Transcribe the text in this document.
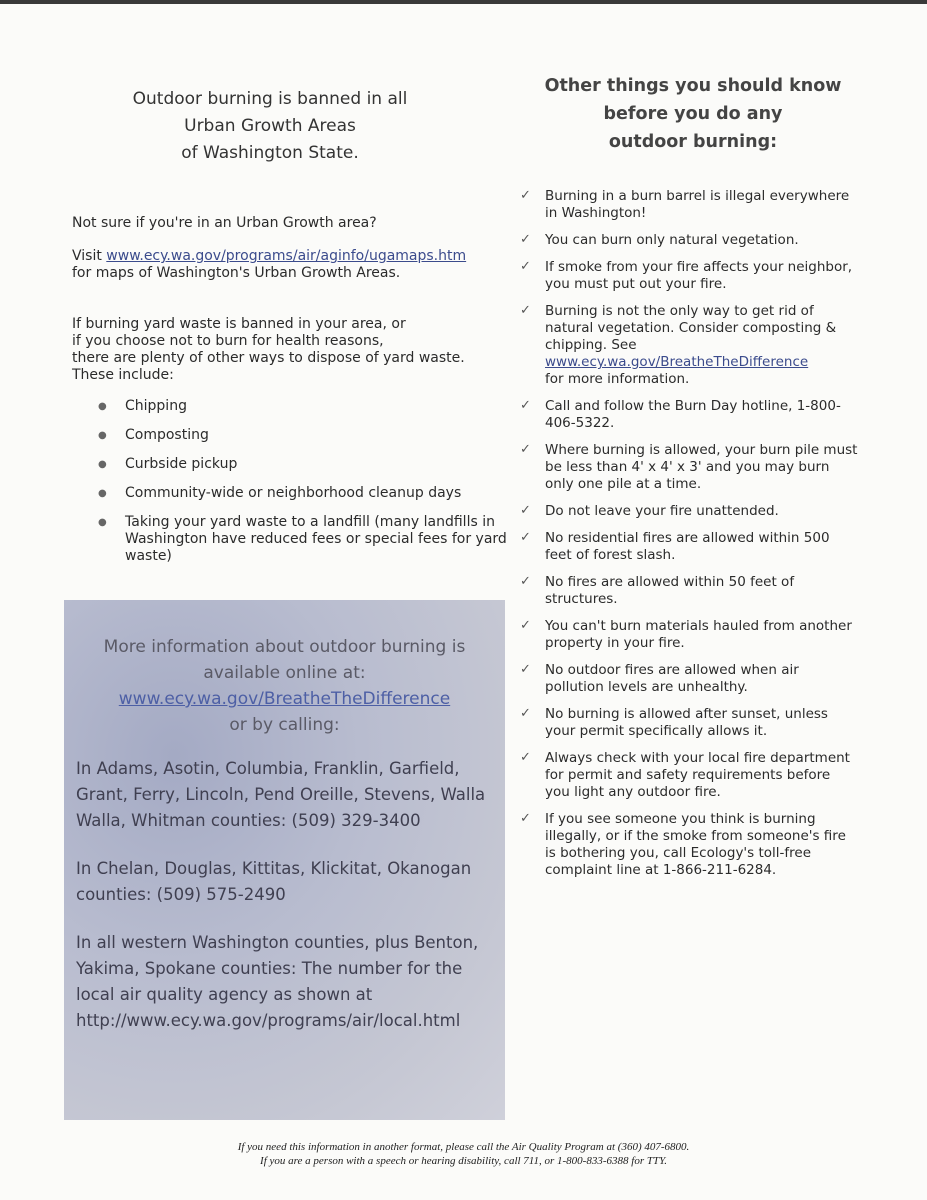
Outdoor burning is banned in all
Urban Growth Areas
of Washington State.
Other things you should know
before you do any
outdoor burning:
Not sure if you're in an Urban Growth area?
Visit www.ecy.wa.gov/programs/air/aginfo/ugamaps.htm
for maps of Washington's Urban Growth Areas.
If burning yard waste is banned in your area, or
if you choose not to burn for health reasons,
there are plenty of other ways to dispose of yard waste.
These include:
● Chipping
● Composting
● Curbside pickup
● Community-wide or neighborhood cleanup days
● Taking your yard waste to a landfill (many landfills in Washington have reduced fees or special fees for yard waste)
✓ Burning in a burn barrel is illegal everywhere in Washington!
✓ You can burn only natural vegetation.
✓ If smoke from your fire affects your neighbor, you must put out your fire.
✓ Burning is not the only way to get rid of natural vegetation. Consider composting & chipping. See
www.ecy.wa.gov/BreatheTheDifference
for more information.
✓ Call and follow the Burn Day hotline, 1-800-406-5322.
✓ Where burning is allowed, your burn pile must be less than 4' x 4' x 3' and you may burn only one pile at a time.
✓ Do not leave your fire unattended.
✓ No residential fires are allowed within 500 feet of forest slash.
✓ No fires are allowed within 50 feet of structures.
✓ You can't burn materials hauled from another property in your fire.
✓ No outdoor fires are allowed when air pollution levels are unhealthy.
✓ No burning is allowed after sunset, unless your permit specifically allows it.
✓ Always check with your local fire department for permit and safety requirements before you light any outdoor fire.
✓ If you see someone you think is burning illegally, or if the smoke from someone's fire is bothering you, call Ecology's toll-free complaint line at 1-866-211-6284.
More information about outdoor burning is
available online at:
www.ecy.wa.gov/BreatheTheDifference
or by calling:
In Adams, Asotin, Columbia, Franklin, Garfield, Grant, Ferry, Lincoln, Pend Oreille, Stevens, Walla Walla, Whitman counties: (509) 329-3400
In Chelan, Douglas, Kittitas, Klickitat, Okanogan counties: (509) 575-2490
In all western Washington counties, plus Benton, Yakima, Spokane counties: The number for the local air quality agency as shown at http://www.ecy.wa.gov/programs/air/local.html
If you need this information in another format, please call the Air Quality Program at (360) 407-6800.
If you are a person with a speech or hearing disability, call 711, or 1-800-833-6388 for TTY.
